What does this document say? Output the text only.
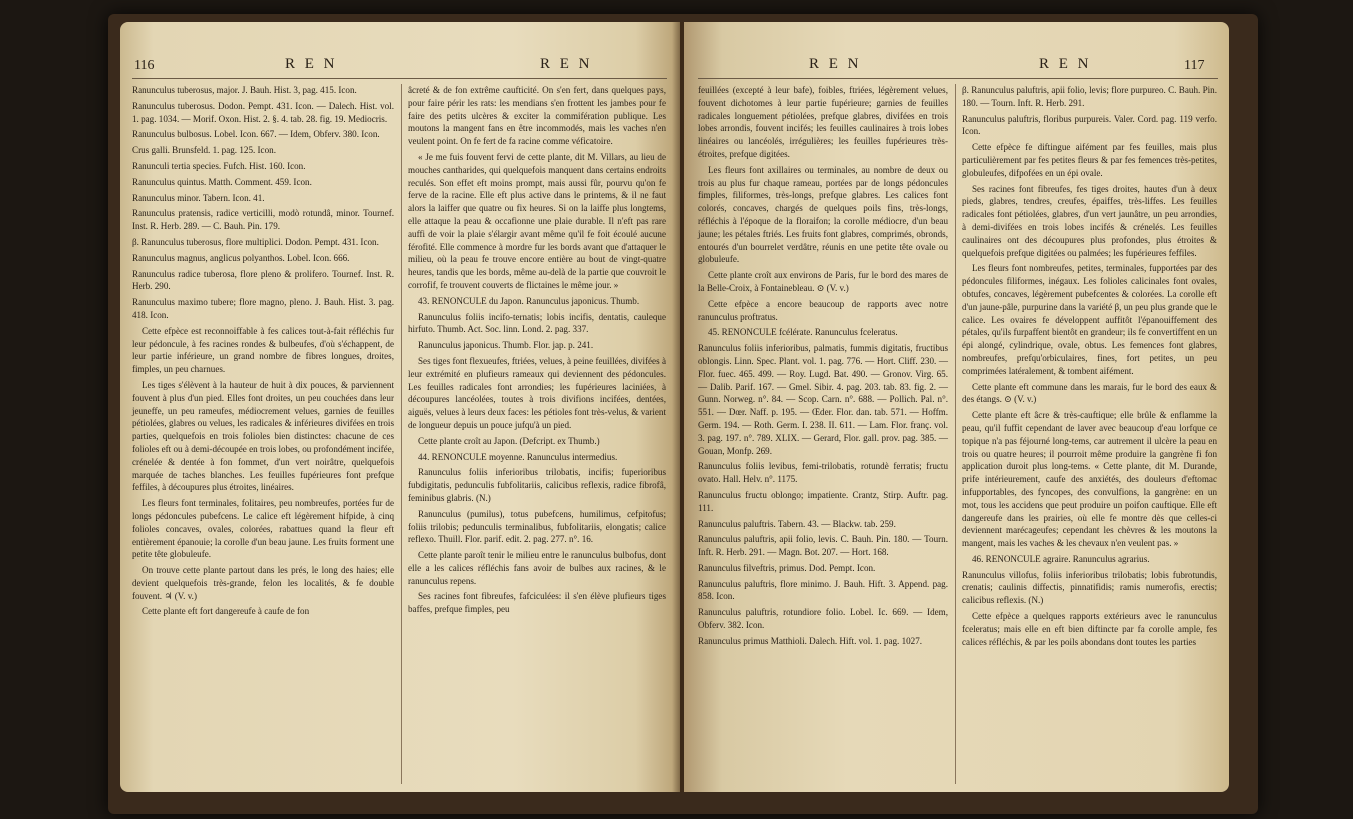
116	R E N	R E N

Ranunculus tuberosus, major. J. Bauh. Hist. 3, pag. 415. Icon.

Ranunculus tuberosus. Dodon. Pempt. 431. Icon. — Dalech. Hist. vol. 1. pag. 1034. — Morif. Oxon. Hist. 2. §. 4. tab. 28. fig. 19. Mediocris.

Ranunculus bulbosus. Lobel. Icon. 667. — Idem, Obferv. 380. Icon.

Crus galli. Brunsfeld. 1. pag. 125. Icon.

Ranunculi tertia species. Fufch. Hist. 160. Icon.

Ranunculus quintus. Matth. Comment. 459. Icon.

Ranunculus minor. Tabern. Icon. 41.

Ranunculus pratensis, radice verticilli, modò rotundâ, minor. Tournef. Inst. R. Herb. 289. — C. Bauh. Pin. 179.

β. Ranunculus tuberosus, flore multiplici. Dodon. Pempt. 431. Icon.

Ranunculus magnus, anglicus polyanthos. Lobel. Icon. 666.

Ranunculus radice tuberosa, flore pleno & prolifero. Tournef. Inst. R. Herb. 290.

Ranunculus maximo tubere; flore magno, pleno. J. Bauh. Hist. 3. pag. 418. Icon.

Cette efpèce est reconnoiffable à fes calices tout-à-fait réfléchis fur leur pédoncule, à fes racines rondes & bulbeufes, d'où s'échappent, de leur partie inférieure, un grand nombre de fibres longues, droites, fimples, un peu charnues.

Les tiges s'élèvent à la hauteur de huit à dix pouces, & parviennent fouvent à plus d'un pied. Elles font droites, un peu couchées dans leur jeuneffe, un peu rameufes, médiocrement velues, garnies de feuilles pétiolées, glabres ou velues, les radicales & inférieures divifées en trois parties, quelquefois en trois folioles bien distinctes: chacune de ces folioles eft ou à demi-découpée en trois lobes, ou profondément incifée, crénelée & dentée à fon fommet, d'un vert noirâtre, quelquefois marquée de taches blanches. Les feuilles fupérieures font prefque feffiles, à découpures plus étroites, linéaires.

Les fleurs font terminales, folitaires, peu nombreufes, portées fur de longs pédoncules pubefcens. Le calice eft légèrement hifpide, à cinq folioles concaves, ovales, colorées, rabattues quand la fleur eft entièrement épanouie; la corolle d'un beau jaune. Les fruits forment une petite tête globuleufe.

On trouve cette plante partout dans les prés, le long des haies; elle devient quelquefois très-grande, felon les localités, & fe double fouvent. ♃ (V. v.)

Cette plante eft fort dangereufe à caufe de fon

âcreté & de fon extrême caufticité. On s'en fert, dans quelques pays, pour faire périr les rats: les mendians s'en frottent les jambes pour fe faire des petits ulcères & exciter la commifération publique. Les moutons la mangent fans en être incommodés, mais les vaches n'en veulent point. On fe fert de fa racine comme véficatoire.

« Je me fuis fouvent fervi de cette plante, dit M. Villars, au lieu de mouches cantharides, qui quelquefois manquent dans certains endroits reculés. Son effet eft moins prompt, mais aussi fûr, pourvu qu'on fe ferve de la racine. Elle eft plus active dans le printems, & il ne faut alors la laiffer que quatre ou fix heures. Si on la laiffe plus longtems, elle attaque la peau & occafionne une plaie durable. Il n'eft pas rare auffi de voir la plaie s'élargir avant même qu'il fe foit écoulé aucune férofité. Elle commence à mordre fur les bords avant que d'attaquer le milieu, où la peau fe trouve encore entière au bout de vingt-quatre heures, tandis que les bords, même au-delà de la partie que couvroit le corrofif, fe trouvent couverts de flictaines le même jour. »

43. RENONCULE du Japon. Ranunculus japonicus. Thumb.

Ranunculus foliis incifo-ternatis; lobis incifis, dentatis, cauleque hirfuto. Thumb. Act. Soc. linn. Lond. 2. pag. 337.

Ranunculus japonicus. Thumb. Flor. jap. p. 241.

Ses tiges font flexueufes, ftriées, velues, à peine feuillées, divifées à leur extrémité en plufieurs rameaux qui deviennent des pédoncules. Les feuilles radicales font arrondies; les fupérieures laciniées, à découpures lancéolées, toutes à trois divifions incifées, dentées, aiguës, velues à leurs deux faces: les pétioles font très-velus, & varient de longueur depuis un pouce jufqu'à un pied.

Cette plante croît au Japon. (Defcript. ex Thumb.)

44. RENONCULE moyenne. Ranunculus intermedius.

Ranunculus foliis inferioribus trilobatis, incifis; fuperioribus fubdigitatis, pedunculis fubfolitariis, calicibus reflexis, radice fibrofâ, feminibus glabris. (N.)

Ranunculus (pumilus), totus pubefcens, humilimus, cefpitofus; foliis trilobis; pedunculis terminalibus, fubfolitariis, elongatis; calice reflexo. Thuill. Flor. parif. edit. 2. pag. 277. n°. 16.

Cette plante paroît tenir le milieu entre le ranunculus bulbofus, dont elle a les calices réfléchis fans avoir de bulbes aux racines, & le ranunculus repens.

Ses racines font fibreufes, fafciculées: il s'en élève plufieurs tiges baffes, prefque fimples, peu

R E N	R E N	117

feuillées (excepté à leur bafe), foibles, ftriées, légèrement velues, fouvent dichotomes à leur partie fupérieure; garnies de feuilles radicales longuement pétiolées, prefque glabres, divifées en trois lobes arrondis, fouvent incifés; les feuilles caulinaires à trois lobes linéaires ou lancéolés, irrégulières; les feuilles fupérieures très-étroites, prefque digitées.

Les fleurs font axillaires ou terminales, au nombre de deux ou trois au plus fur chaque rameau, portées par de longs pédoncules fimples, filiformes, très-longs, prefque glabres. Les calices font colorés, concaves, chargés de quelques poils fins, très-longs, réfléchis à l'époque de la floraifon; la corolle médiocre, d'un beau jaune; les pétales ftriés. Les fruits font glabres, comprimés, obronds, entourés d'un bourrelet verdâtre, réunis en une petite tête ovale ou globuleufe.

Cette plante croît aux environs de Paris, fur le bord des mares de la Belle-Croix, à Fontainebleau. ⊙ (V. v.)

Cette efpèce a encore beaucoup de rapports avec notre ranunculus proftratus.

45. RENONCULE fcélérate. Ranunculus fceleratus.

Ranunculus foliis inferioribus, palmatis, fummis digitatis, fructibus oblongis. Linn. Spec. Plant. vol. 1. pag. 776. — Hort. Cliff. 230. — Flor. fuec. 465. 499. — Roy. Lugd. Bat. 490. — Gronov. Virg. 65. — Dalib. Parif. 167. — Gmel. Sibir. 4. pag. 203. tab. 83. fig. 2. — Gunn. Norweg. n°. 84. — Scop. Carn. n°. 688. — Pollich. Pal. n°. 551. — Dœr. Naff. p. 195. — Œder. Flor. dan. tab. 571. — Hoffm. Germ. 194. — Roth. Germ. I. 238. II. 611. — Lam. Flor. franç. vol. 3. pag. 197. n°. 789. XLIX. — Gerard, Flor. gall. prov. pag. 385. — Gouan, Monfp. 269.

Ranunculus foliis levibus, femi-trilobatis, rotundè ferratis; fructu ovato. Hall. Helv. n°. 1175.

Ranunculus fructu oblongo; impatiente. Crantz, Stirp. Auftr. pag. 111.

Ranunculus paluftris. Tabern. 43. — Blackw. tab. 259.

Ranunculus paluftris, apii folio, levis. C. Bauh. Pin. 180. — Tourn. Inft. R. Herb. 291. — Magn. Bot. 207. — Hort. 168.

Ranunculus filveftris, primus. Dod. Pempt. Icon.

Ranunculus paluftris, flore minimo. J. Bauh. Hift. 3. Append. pag. 858. Icon.

Ranunculus paluftris, rotundiore folio. Lobel. Ic. 669. — Idem, Obferv. 382. Icon.

Ranunculus primus Matthioli. Dalech. Hift. vol. 1. pag. 1027.

β. Ranunculus paluftris, apii folio, levis; flore purpureo. C. Bauh. Pin. 180. — Tourn. Inft. R. Herb. 291.

Ranunculus paluftris, floribus purpureis. Valer. Cord. pag. 119 verfo. Icon.

Cette efpèce fe diftingue aifément par fes feuilles, mais plus particulièrement par fes petites fleurs & par fes femences très-petites, globuleufes, difpofées en un épi ovale.

Ses racines font fibreufes, fes tiges droites, hautes d'un à deux pieds, glabres, tendres, creufes, épaiffes, très-liffes. Les feuilles radicales font pétiolées, glabres, d'un vert jaunâtre, un peu arrondies, à demi-divifées en trois lobes incifés & crénelés. Les feuilles caulinaires ont des découpures plus profondes, plus étroites & quelquefois prefque digitées ou palmées; les fupérieures feffiles.

Les fleurs font nombreufes, petites, terminales, fupportées par des pédoncules filiformes, inégaux. Les folioles calicinales font ovales, obtufes, concaves, légèrement pubefcentes & colorées. La corolle eft d'un jaune-pâle, purpurine dans la variété β, un peu plus grande que le calice. Les ovaires fe développent auffitôt l'épanouiffement des pétales, qu'ils furpaffent bientôt en grandeur; ils fe convertiffent en un épi alongé, cylindrique, ovale, obtus. Les femences font glabres, nombreufes, prefqu'orbiculaires, fines, fort petites, un peu comprimées latéralement, & tombent aifément.

Cette plante eft commune dans les marais, fur le bord des eaux & des étangs. ⊙ (V. v.)

Cette plante eft âcre & très-cauftique; elle brûle & enflamme la peau, qu'il fuffit cependant de laver avec beaucoup d'eau lorfque ce topique n'a pas féjourné long-tems, car autrement il ulcère la peau en trois ou quatre heures; il pourroit même produire la gangrène fi fon application duroit plus long-tems. « Cette plante, dit M. Durande, prife intérieurement, caufe des anxiétés, des douleurs d'eftomac infupportables, des fyncopes, des convulfions, la gangrène: en un mot, tous les accidens que peut produire un poifon cauftique. Elle eft dangereufe dans les prairies, où elle fe montre dès que celles-ci deviennent marécageufes; cependant les chèvres & les moutons la mangent, mais les vaches & les chevaux n'en veulent pas. »

46. RENONCULE agraire. Ranunculus agrarius.

Ranunculus villofus, foliis inferioribus trilobatis; lobis fubrotundis, crenatis; caulinis diffectis, pinnatifidis; ramis numerofis, erectis; calicibus reflexis. (N.)

Cette efpèce a quelques rapports extérieurs avec le ranunculus fceleratus; mais elle en eft bien diftincte par fa corolle ample, fes calices réfléchis, & par les poils abondans dont toutes les parties
